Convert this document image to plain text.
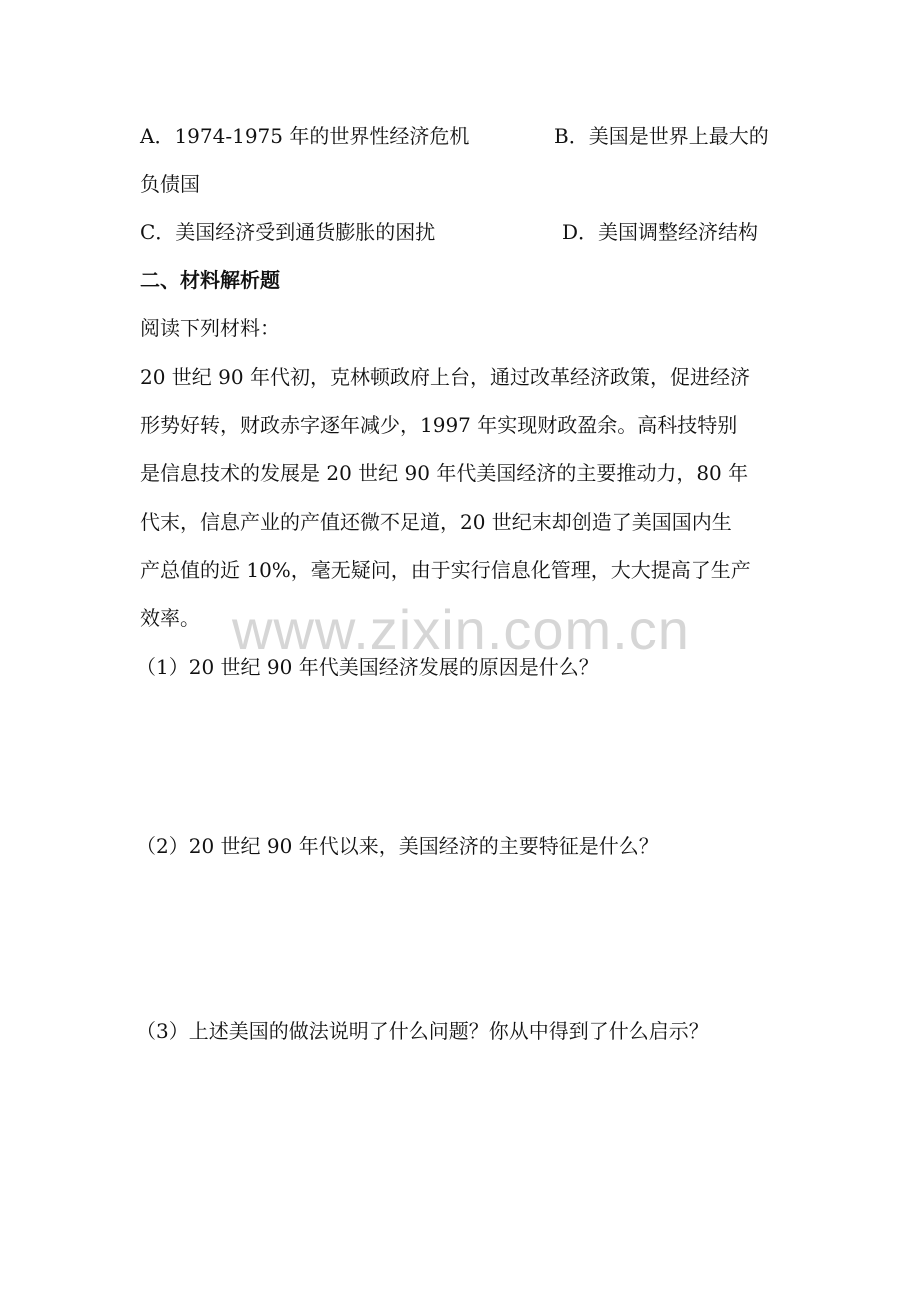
A．1974-1975 年的世界性经济危机	B．美国是世界上最大的
负债国
C．美国经济受到通货膨胀的困扰	D．美国调整经济结构
二、材料解析题
阅读下列材料：
20 世纪 90 年代初，克林顿政府上台，通过改革经济政策，促进经济
形势好转，财政赤字逐年减少，1997 年实现财政盈余。高科技特别
是信息技术的发展是 20 世纪 90 年代美国经济的主要推动力，80 年
代末，信息产业的产值还微不足道，20 世纪末却创造了美国国内生
产总值的近 10%，毫无疑问，由于实行信息化管理，大大提高了生产
效率。 www.zixin.com.cn
（1）20 世纪 90 年代美国经济发展的原因是什么？
（2）20 世纪 90 年代以来，美国经济的主要特征是什么？
（3）上述美国的做法说明了什么问题？你从中得到了什么启示？
